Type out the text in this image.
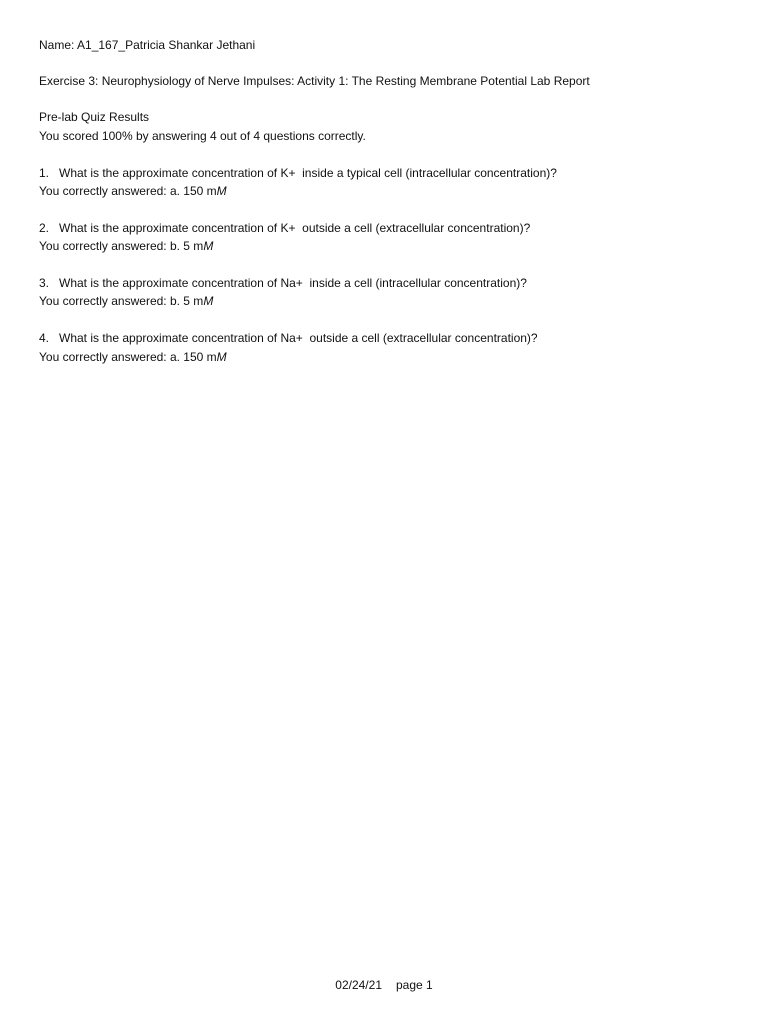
Name: A1_167_Patricia Shankar Jethani
Exercise 3: Neurophysiology of Nerve Impulses: Activity 1: The Resting Membrane Potential Lab Report
Pre-lab Quiz Results
You scored 100% by answering 4 out of 4 questions correctly.
1.   What is the approximate concentration of K+  inside a typical cell (intracellular concentration)?
You correctly answered: a. 150 mM
2.   What is the approximate concentration of K+  outside a cell (extracellular concentration)?
You correctly answered: b. 5 mM
3.   What is the approximate concentration of Na+  inside a cell (intracellular concentration)?
You correctly answered: b. 5 mM
4.   What is the approximate concentration of Na+  outside a cell (extracellular concentration)?
You correctly answered: a. 150 mM
02/24/21 page 1
